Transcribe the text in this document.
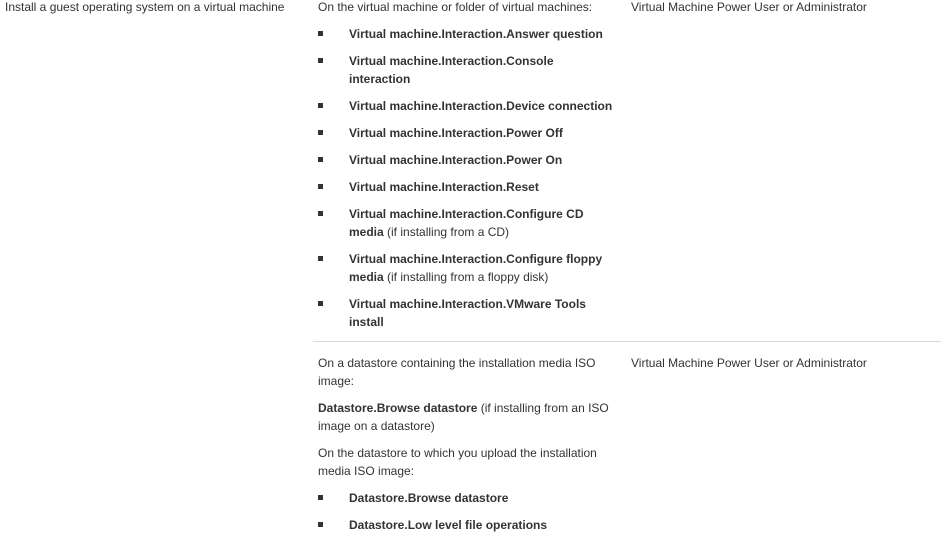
Install a guest operating system on a virtual machine	On the virtual machine or folder of virtual machines:

Virtual machine.Interaction.Answer question
Virtual machine.Interaction.Console interaction
Virtual machine.Interaction.Device connection
Virtual machine.Interaction.Power Off
Virtual machine.Interaction.Power On
Virtual machine.Interaction.Reset
Virtual machine.Interaction.Configure CD media (if installing from a CD)
Virtual machine.Interaction.Configure floppy media (if installing from a floppy disk)
Virtual machine.Interaction.VMware Tools install
Virtual Machine Power User or Administrator

On a datastore containing the installation media ISO image:

Datastore.Browse datastore (if installing from an ISO image on a datastore)

On the datastore to which you upload the installation media ISO image:

Datastore.Browse datastore
Datastore.Low level file operations
Virtual Machine Power User or Administrator
